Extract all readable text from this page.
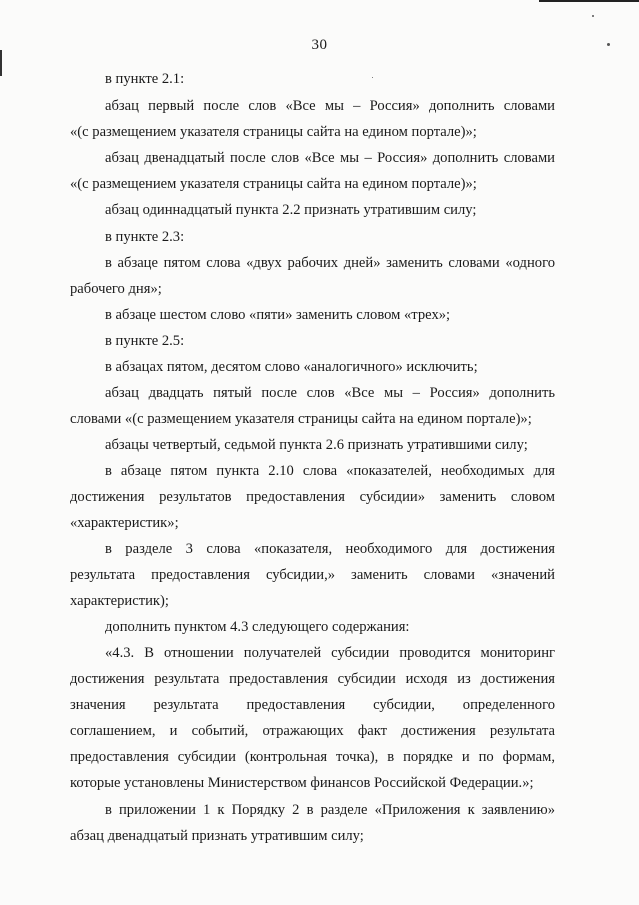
30
в пункте 2.1:
абзац первый после слов «Все мы – Россия» дополнить словами
«(с размещением указателя страницы сайта на едином портале)»;
абзац двенадцатый после слов «Все мы – Россия» дополнить словами
«(с размещением указателя страницы сайта на едином портале)»;
абзац одиннадцатый пункта 2.2 признать утратившим силу;
в пункте 2.3:
в абзаце пятом слова «двух рабочих дней» заменить словами «одного
рабочего дня»;
в абзаце шестом слово «пяти» заменить словом «трех»;
в пункте 2.5:
в абзацах пятом, десятом слово «аналогичного» исключить;
абзац двадцать пятый после слов «Все мы – Россия» дополнить
словами «(с размещением указателя страницы сайта на едином портале)»;
абзацы четвертый, седьмой пункта 2.6 признать утратившими силу;
в абзаце пятом пункта 2.10 слова «показателей, необходимых для
достижения результатов предоставления субсидии» заменить словом
«характеристик»;
в разделе 3 слова «показателя, необходимого для достижения
результата предоставления субсидии,» заменить словами «значений
характеристик);
дополнить пунктом 4.3 следующего содержания:
«4.3. В отношении получателей субсидии проводится мониторинг
достижения результата предоставления субсидии исходя из достижения
значения результата предоставления субсидии, определенного
соглашением, и событий, отражающих факт достижения результата
предоставления субсидии (контрольная точка), в порядке и по формам,
которые установлены Министерством финансов Российской Федерации.»;
в приложении 1 к Порядку 2 в разделе «Приложения к заявлению»
абзац двенадцатый признать утратившим силу;
